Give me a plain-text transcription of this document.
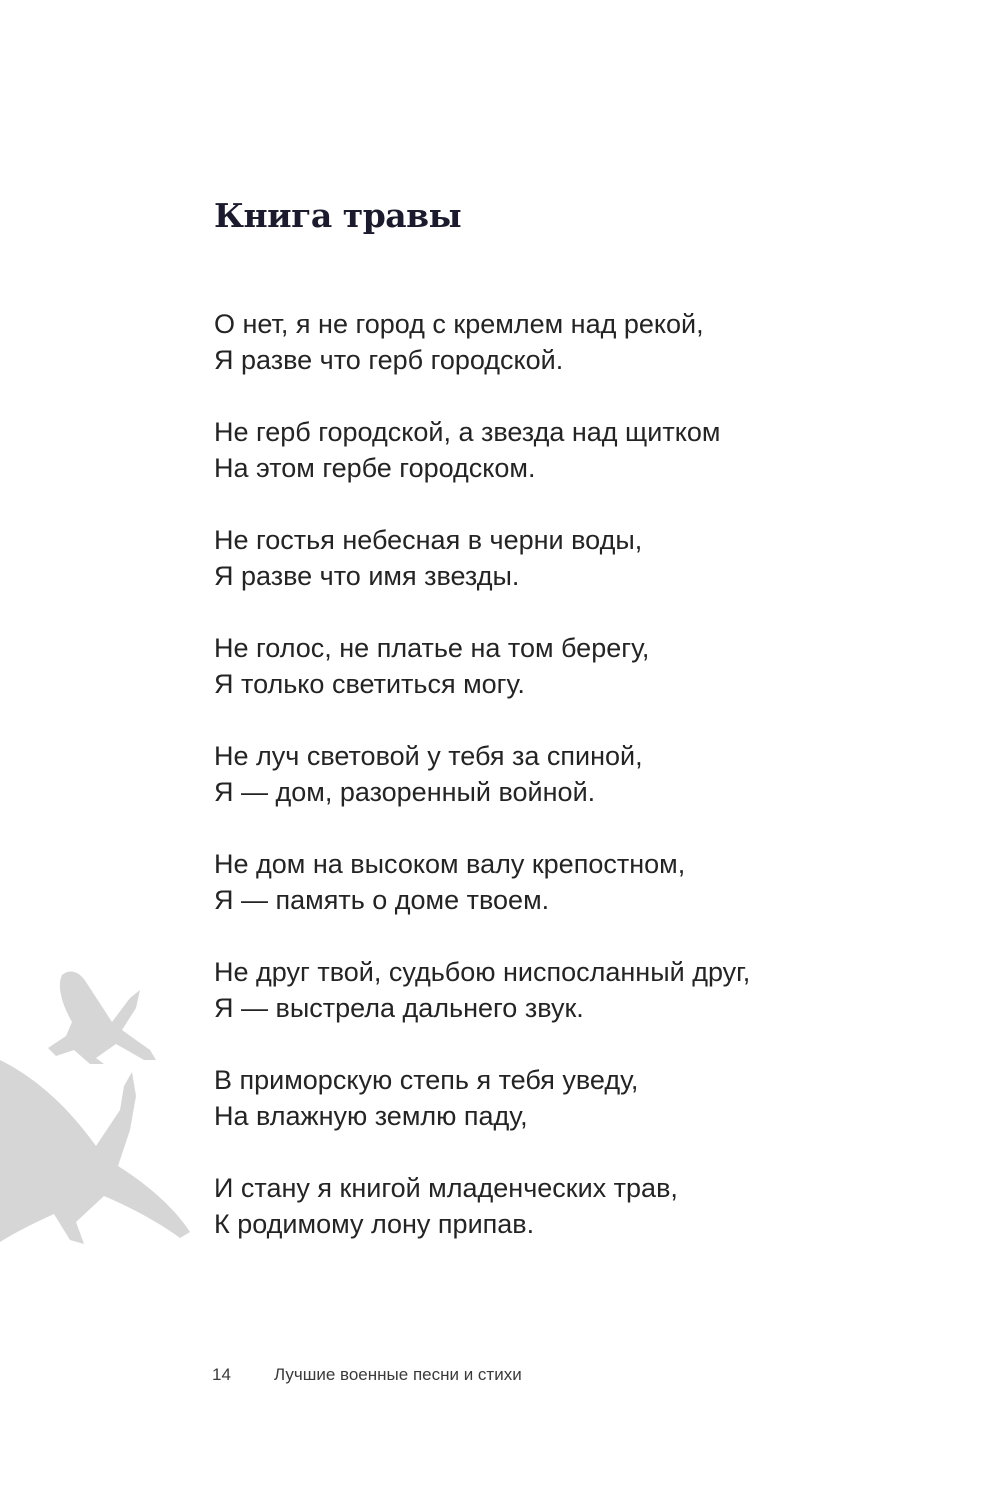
Книга травы

О нет, я не город с кремлем над рекой,
Я разве что герб городской.

Не герб городской, а звезда над щитком
На этом гербе городском.

Не гостья небесная в черни воды,
Я разве что имя звезды.

Не голос, не платье на том берегу,
Я только светиться могу.

Не луч световой у тебя за спиной,
Я — дом, разоренный войной.

Не дом на высоком валу крепостном,
Я — память о доме твоем.

Не друг твой, судьбою ниспосланный друг,
Я — выстрела дальнего звук.

В приморскую степь я тебя уведу,
На влажную землю паду,

И стану я книгой младенческих трав,
К родимому лону припав.

14	Лучшие военные песни и стихи
